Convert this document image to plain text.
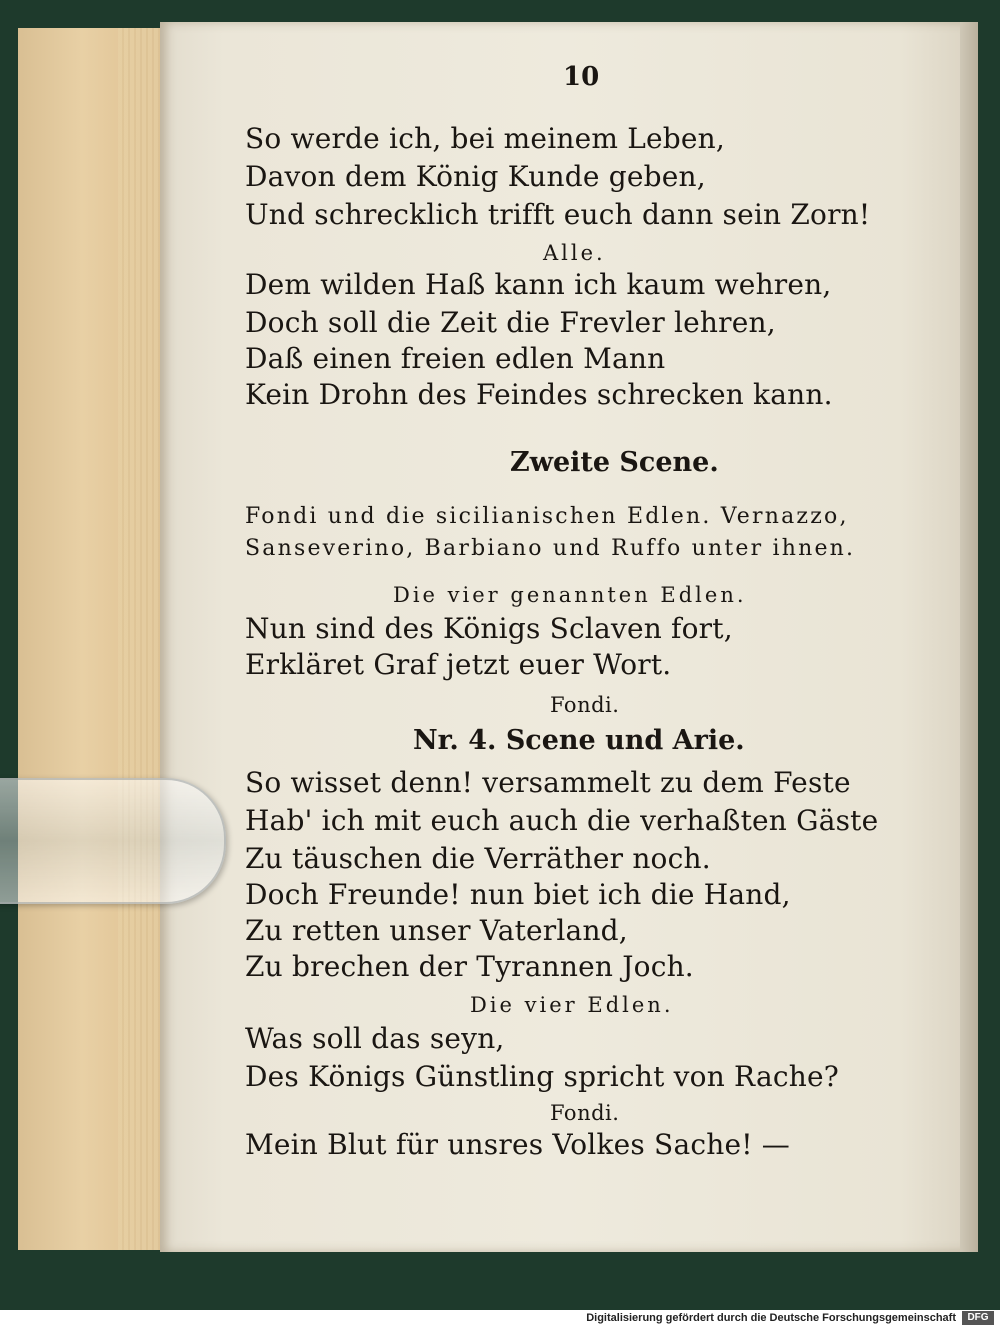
10
So werde ich, bei meinem Leben,
Davon dem König Kunde geben,
Und schrecklich trifft euch dann sein Zorn!
Alle.
Dem wilden Haß kann ich kaum wehren,
Doch soll die Zeit die Frevler lehren,
Daß einen freien edlen Mann
Kein Drohn des Feindes schrecken kann.
Zweite Scene.
Fondi und die sicilianischen Edlen. Vernazzo,
Sanseverino, Barbiano und Ruffo unter ihnen.
Die vier genannten Edlen.
Nun sind des Königs Sclaven fort,
Erkläret Graf jetzt euer Wort.
Fondi.
Nr. 4. Scene und Arie.
So wisset denn! versammelt zu dem Feste
Hab' ich mit euch auch die verhaßten Gäste
Zu täuschen die Verräther noch.
Doch Freunde! nun biet ich die Hand,
Zu retten unser Vaterland,
Zu brechen der Tyrannen Joch.
Die vier Edlen.
Was soll das seyn,
Des Königs Günstling spricht von Rache?
Fondi.
Mein Blut für unsres Volkes Sache! —
Digitalisierung gefördert durch die Deutsche Forschungsgemeinschaft	DFG
